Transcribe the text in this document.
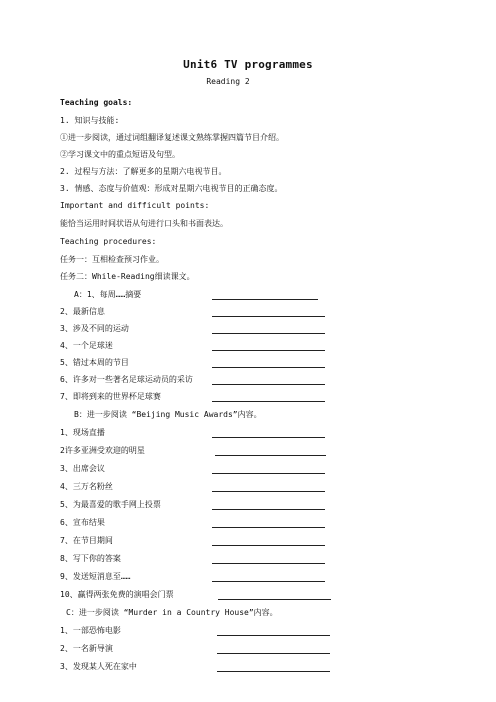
Unit6 TV programmes
Reading 2
Teaching goals:
1. 知识与技能:
①进一步阅读，通过词组翻译复述课文熟练掌握四篇节目介绍。
②学习课文中的重点短语及句型。
2. 过程与方法：了解更多的星期六电视节目。
3. 情感、态度与价值观：形成对星期六电视节目的正确态度。
Important and difficult points:
能恰当运用时间状语从句进行口头和书面表达。
Teaching procedures:
任务一：互相检查预习作业。
任务二：While-Reading细读课文。
A：1、每周……摘要
2、最新信息
3、涉及不同的运动
4、一个足球迷
5、错过本周的节目
6、许多对一些著名足球运动员的采访
7、即将到来的世界杯足球赛
B：进一步阅读 “Beijing Music Awards”内容。
1、现场直播
2许多亚洲受欢迎的明星
3、出席会议
4、三万名粉丝
5、为最喜爱的歌手网上投票
6、宣布结果
7、在节目期间
8、写下你的答案
9、发送短消息至……
10、赢得两张免费的演唱会门票
C：进一步阅读 “Murder in a Country House”内容。
1、一部恐怖电影
2、一名新导演
3、发现某人死在家中
